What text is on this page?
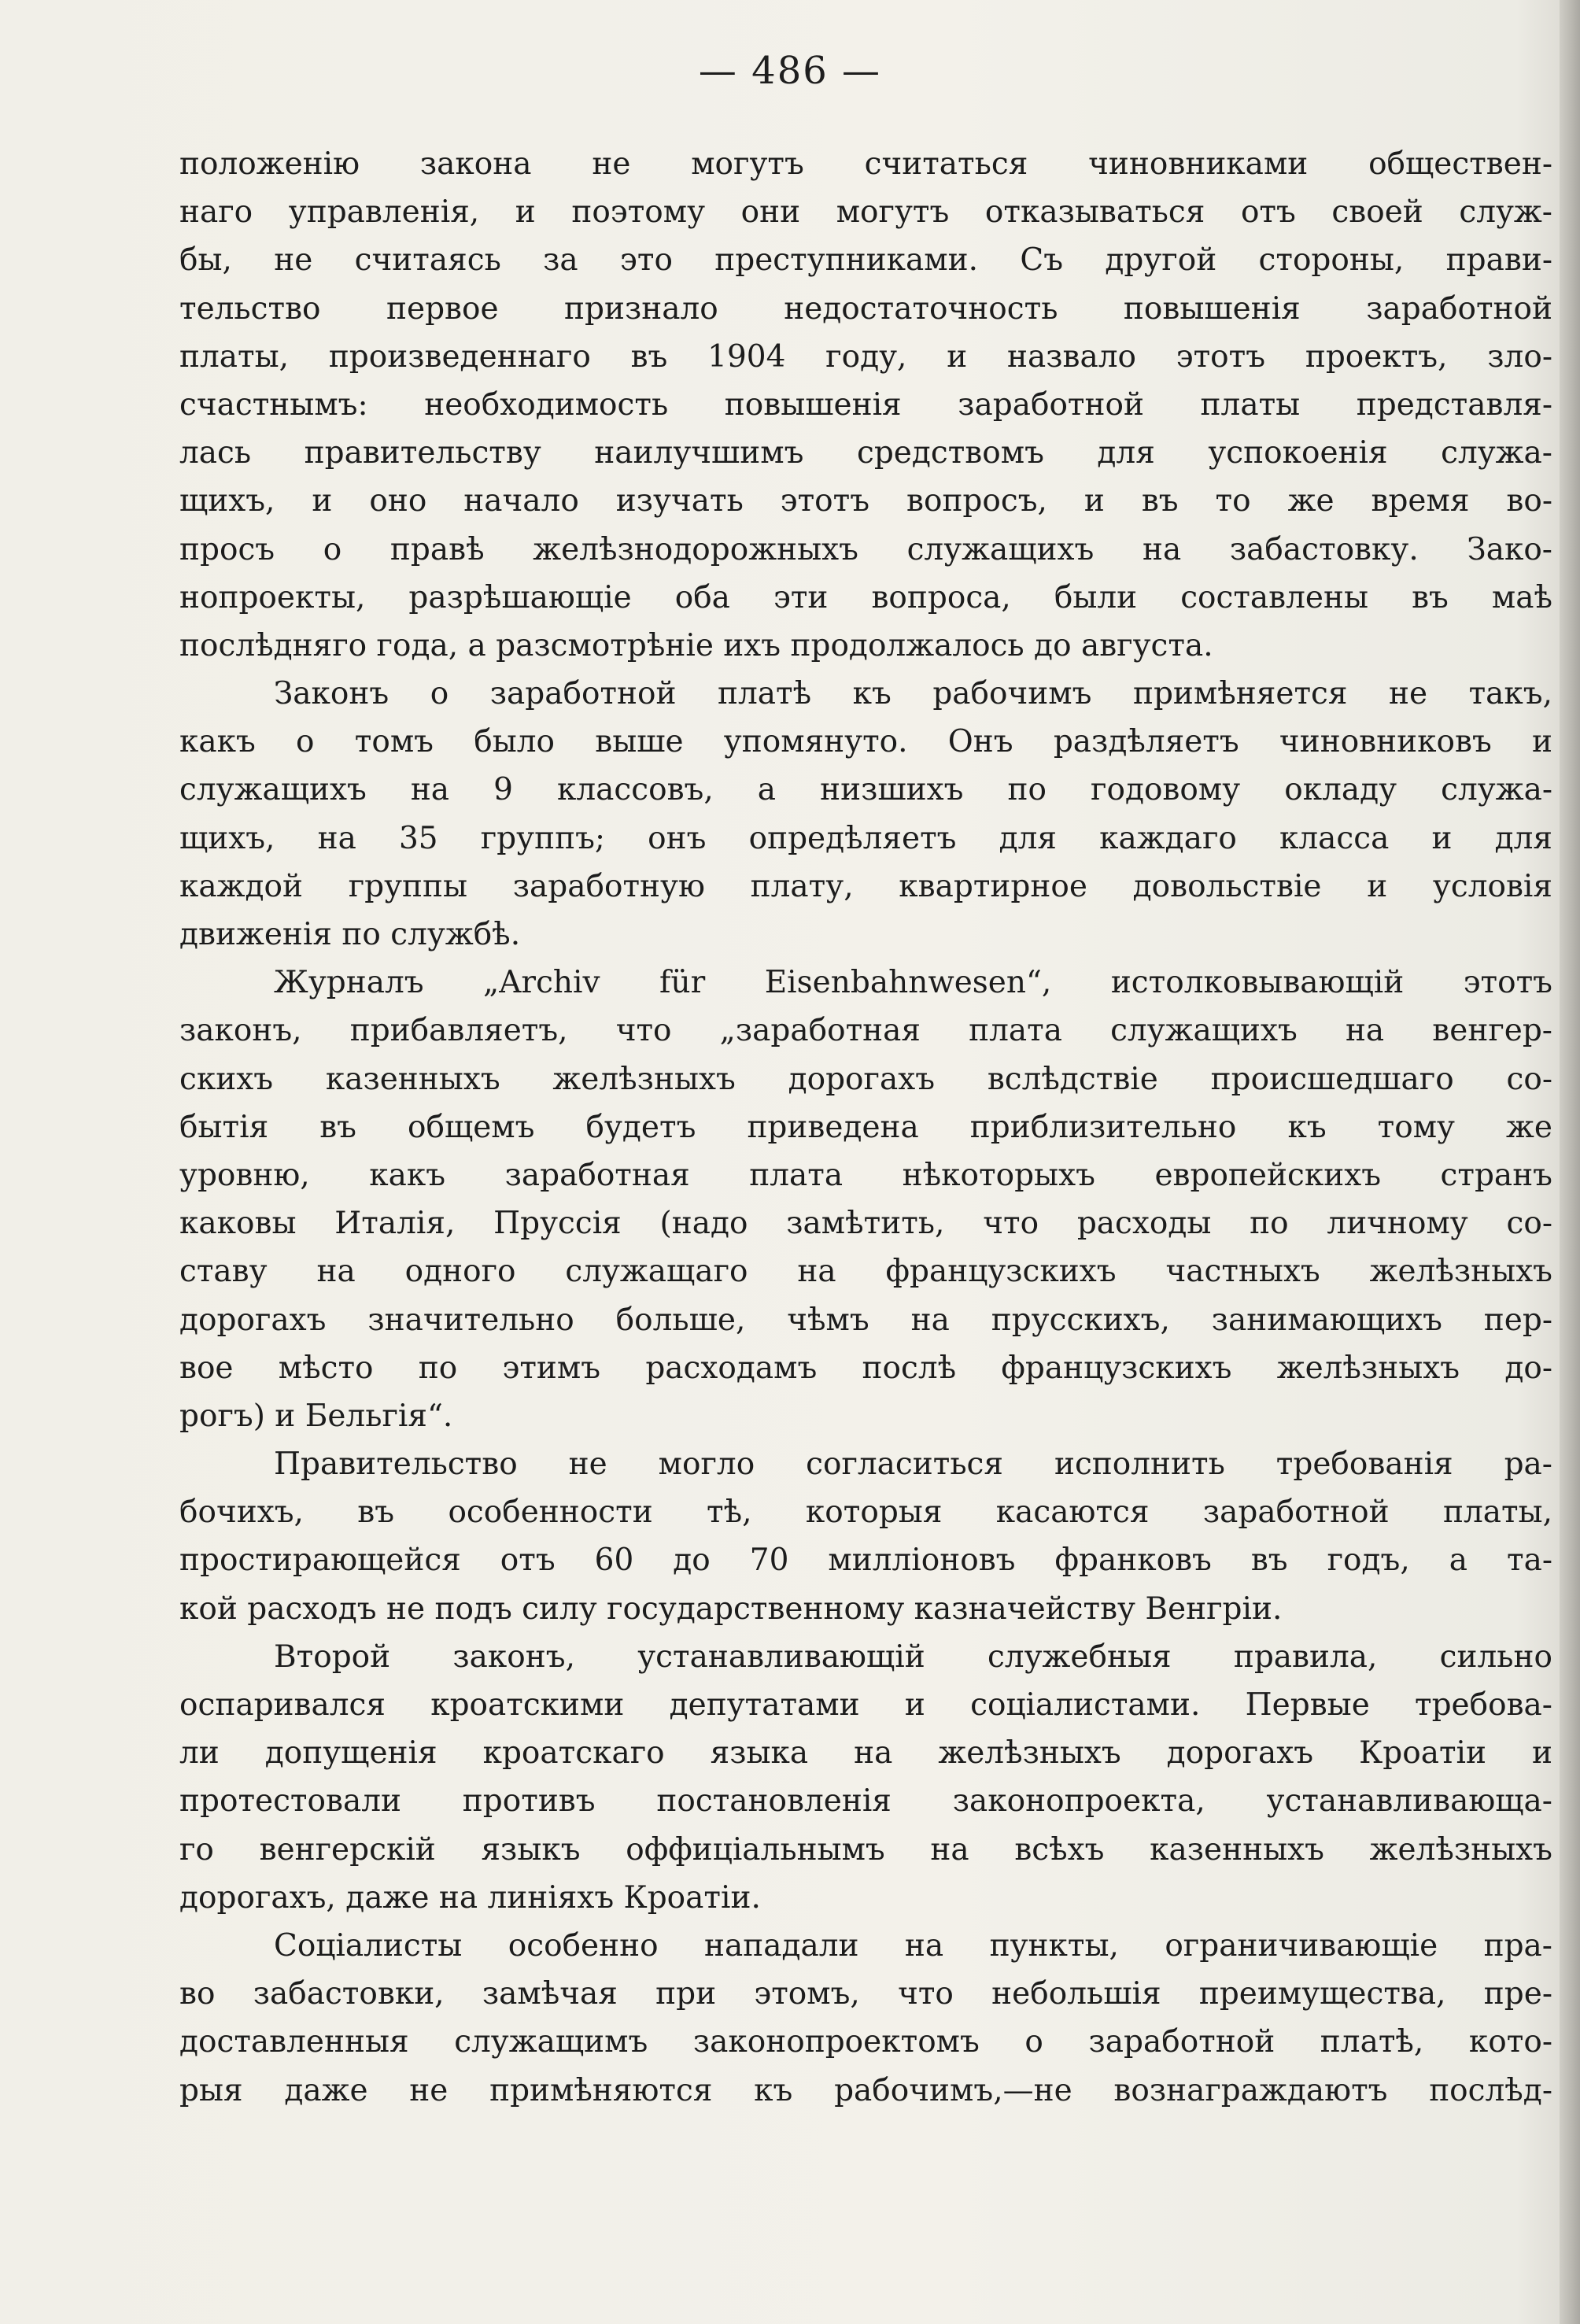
— 486 —
положенію закона не могутъ считаться чиновниками обществен-
наго управленія, и поэтому они могутъ отказываться отъ своей служ-
бы, не считаясь за это преступниками. Съ другой стороны, прави-
тельство первое признало недостаточность повышенія заработной
платы, произведеннаго въ 1904 году, и назвало этотъ проектъ, зло-
счастнымъ: необходимость повышенія заработной платы представля-
лась правительству наилучшимъ средствомъ для успокоенія служа-
щихъ, и оно начало изучать этотъ вопросъ, и въ то же время во-
просъ о правѣ желѣзнодорожныхъ служащихъ на забастовку. Зако-
нопроекты, разрѣшающіе оба эти вопроса, были составлены въ маѣ
послѣдняго года, а разсмотрѣніе ихъ продолжалось до августа.
Законъ о заработной платѣ къ рабочимъ примѣняется не такъ,
какъ о томъ было выше упомянуто. Онъ раздѣляетъ чиновниковъ и
служащихъ на 9 классовъ, а низшихъ по годовому окладу служа-
щихъ, на 35 группъ; онъ опредѣляетъ для каждаго класса и для
каждой группы заработную плату, квартирное довольствіе и условія
движенія по службѣ.
Журналъ „Archiv für Eisenbahnwesen“, истолковывающій этотъ
законъ, прибавляетъ, что „заработная плата служащихъ на венгер-
скихъ казенныхъ желѣзныхъ дорогахъ вслѣдствіе происшедшаго со-
бытія въ общемъ будетъ приведена приблизительно къ тому же
уровню, какъ заработная плата нѣкоторыхъ европейскихъ странъ
каковы Италія, Пруссія (надо замѣтить, что расходы по личному со-
ставу на одного служащаго на французскихъ частныхъ желѣзныхъ
дорогахъ значительно больше, чѣмъ на прусскихъ, занимающихъ пер-
вое мѣсто по этимъ расходамъ послѣ французскихъ желѣзныхъ до-
рогъ) и Бельгія“.
Правительство не могло согласиться исполнить требованія ра-
бочихъ, въ особенности тѣ, которыя касаются заработной платы,
простирающейся отъ 60 до 70 милліоновъ франковъ въ годъ, а та-
кой расходъ не подъ силу государственному казначейству Венгріи.
Второй законъ, устанавливающій служебныя правила, сильно
оспаривался кроатскими депутатами и соціалистами. Первые требова-
ли допущенія кроатскаго языка на желѣзныхъ дорогахъ Кроатіи и
протестовали противъ постановленія законопроекта, устанавливающа-
го венгерскій языкъ оффиціальнымъ на всѣхъ казенныхъ желѣзныхъ
дорогахъ, даже на линіяхъ Кроатіи.
Соціалисты особенно нападали на пункты, ограничивающіе пра-
во забастовки, замѣчая при этомъ, что небольшія преимущества, пре-
доставленныя служащимъ законопроектомъ о заработной платѣ, кото-
рыя даже не примѣняются къ рабочимъ,—не вознаграждаютъ послѣд-
